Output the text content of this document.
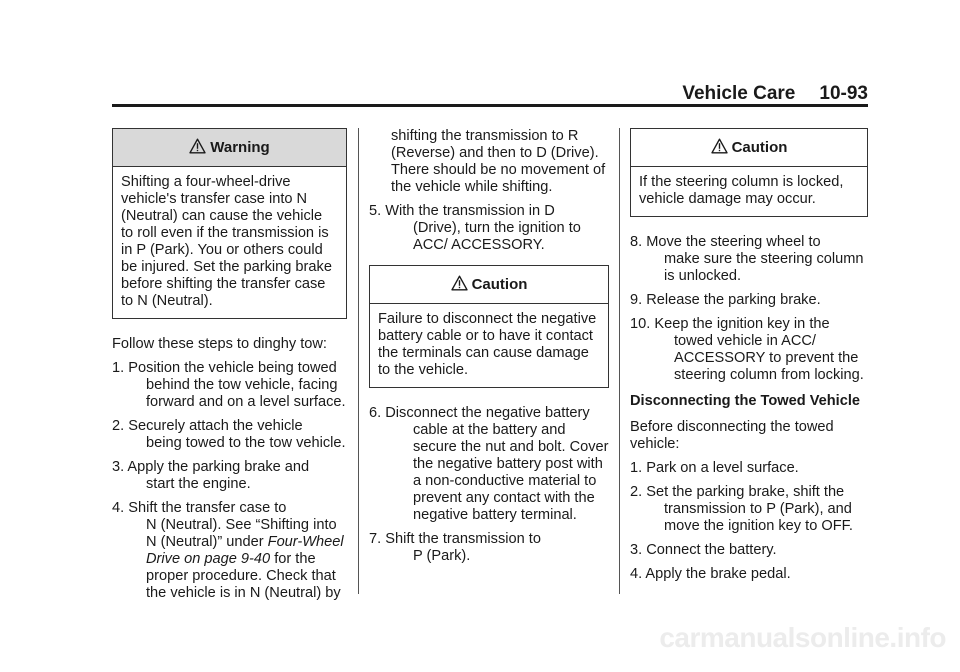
Vehicle Care 10-93
Warning
Shifting a four-wheel-drive vehicle's transfer case into N (Neutral) can cause the vehicle to roll even if the transmission is in P (Park). You or others could be injured. Set the parking brake before shifting the transfer case to N (Neutral).

Follow these steps to dinghy tow:

1. Position the vehicle being towed
behind the tow vehicle, facing forward and on a level surface.
2. Securely attach the vehicle
being towed to the tow vehicle.
3. Apply the parking brake and
start the engine.
4. Shift the transfer case to
N (Neutral). See “Shifting into N (Neutral)” under Four-Wheel Drive on page 9-40 for the proper procedure. Check that the vehicle is in N (Neutral) by

shifting the transmission to R (Reverse) and then to D (Drive). There should be no movement of the vehicle while shifting.

5. With the transmission in D
(Drive), turn the ignition to ACC/ ACCESSORY.
Caution
Failure to disconnect the negative battery cable or to have it contact the terminals can cause damage to the vehicle.
6. Disconnect the negative battery
cable at the battery and secure the nut and bolt. Cover the negative battery post with a non-conductive material to prevent any contact with the negative battery terminal.
7. Shift the transmission to
P (Park).
Caution
If the steering column is locked, vehicle damage may occur.
8. Move the steering wheel to
make sure the steering column is unlocked.
9. Release the parking brake.
10. Keep the ignition key in the
towed vehicle in ACC/ ACCESSORY to prevent the steering column from locking.

Disconnecting the Towed Vehicle

Before disconnecting the towed vehicle:

1. Park on a level surface.
2. Set the parking brake, shift the
transmission to P (Park), and move the ignition key to OFF.
3. Connect the battery.
4. Apply the brake pedal.
carmanualsonline.info
